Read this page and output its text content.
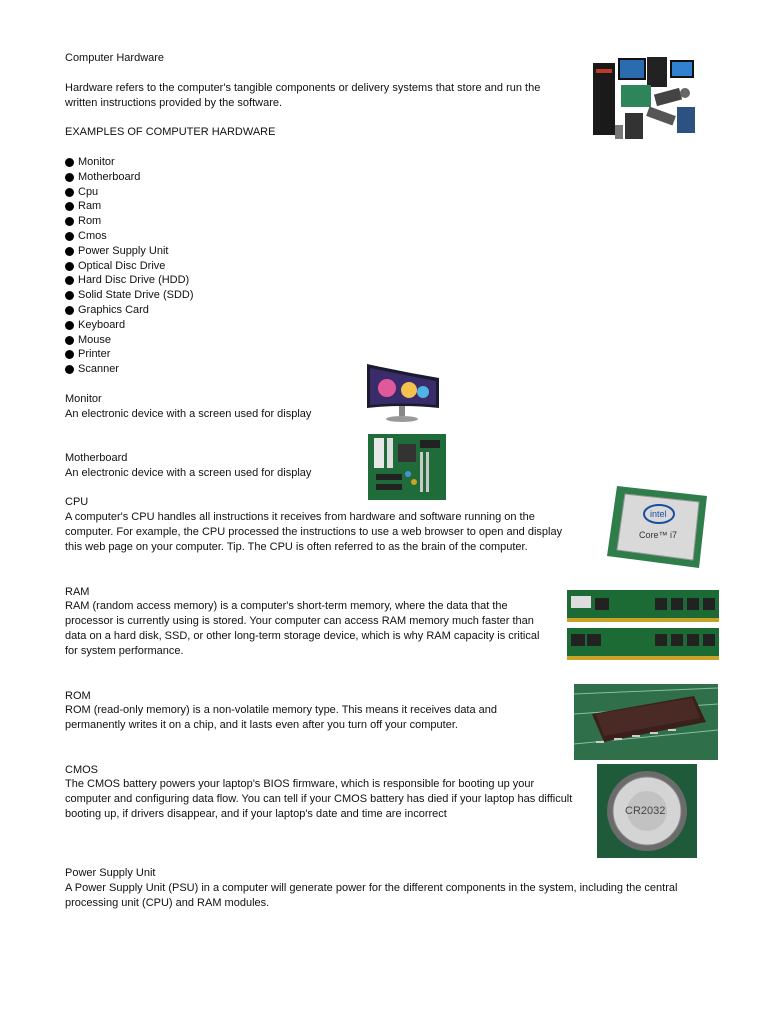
Computer Hardware
Hardware refers to the computer's tangible components or delivery systems that store and run the written instructions provided by the software.
EXAMPLES OF COMPUTER HARDWARE
Monitor
Motherboard
Cpu
Ram
Rom
Cmos
Power Supply Unit
Optical Disc Drive
Hard Disc Drive (HDD)
Solid State Drive (SDD)
Graphics Card
Keyboard
Mouse
Printer
Scanner
Monitor
An electronic device with a screen used for display
Motherboard
An electronic device with a screen used for display
CPU
A computer's CPU handles all instructions it receives from hardware and software running on the computer. For example, the CPU processed the instructions to use a web browser to open and display this web page on your computer. Tip. The CPU is often referred to as the brain of the computer.
intel
Core™ i7
RAM
RAM (random access memory) is a computer's short-term memory, where the data that the processor is currently using is stored. Your computer can access RAM memory much faster than data on a hard disk, SSD, or other long-term storage device, which is why RAM capacity is critical for system performance.
ROM
ROM (read-only memory) is a non-volatile memory type. This means it receives data and permanently writes it on a chip, and it lasts even after you turn off your computer.
CMOS
The CMOS battery powers your laptop's BIOS firmware, which is responsible for booting up your computer and configuring data flow. You can tell if your CMOS battery has died if your laptop has difficult booting up, if drivers disappear, and if your laptop's date and time are incorrect	CR2032
Power Supply Unit
A Power Supply Unit (PSU) in a computer will generate power for the different components in the system, including the central processing unit (CPU) and RAM modules.
